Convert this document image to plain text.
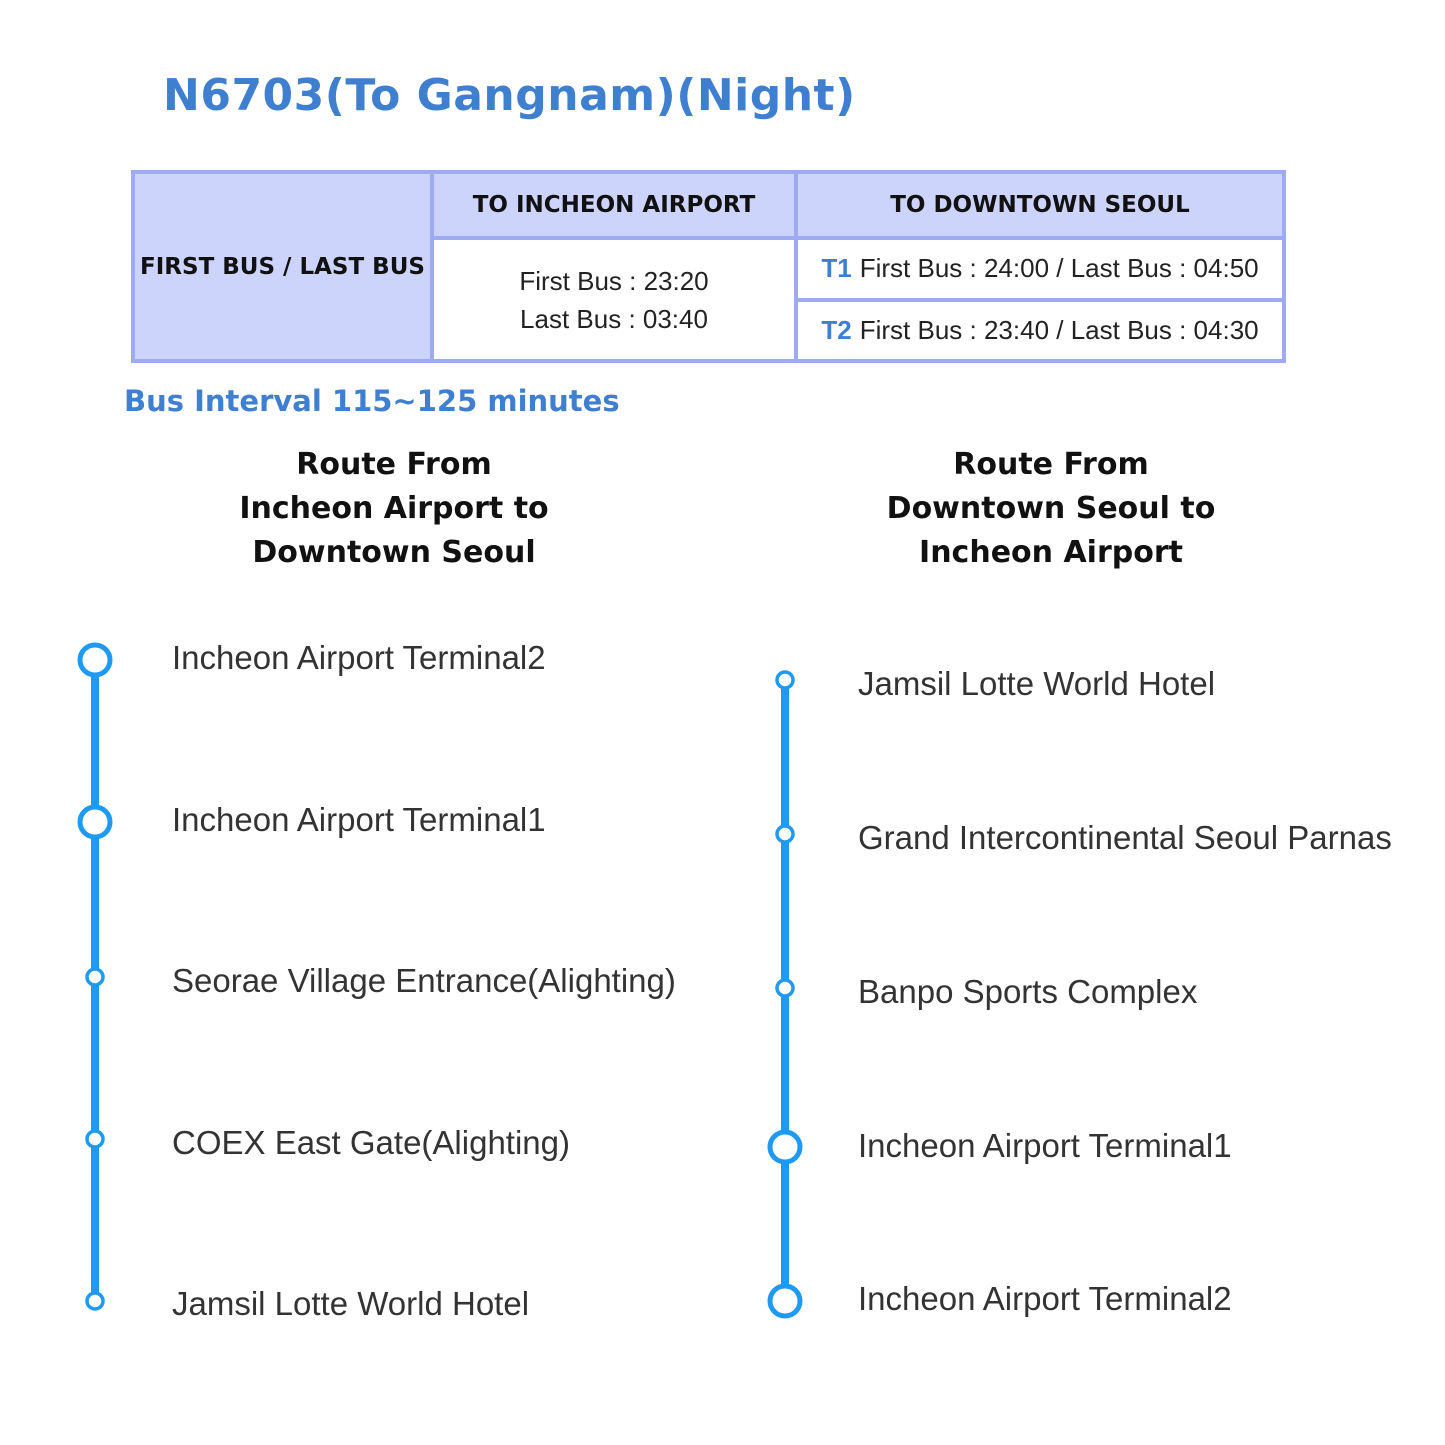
N6703(To Gangnam)(Night)
FIRST BUS / LAST BUS
TO INCHEON AIRPORT	TO DOWNTOWN SEOUL
First Bus : 23:20
Last Bus : 03:40
T1 First Bus : 24:00 / Last Bus : 04:50
T2 First Bus : 23:40 / Last Bus : 04:30
Bus Interval 115~125 minutes
Route From
Incheon Airport to
Downtown Seoul
Route From
Downtown Seoul to
Incheon Airport
Incheon Airport Terminal2
Incheon Airport Terminal1
Seorae Village Entrance(Alighting)
COEX East Gate(Alighting)
Jamsil Lotte World Hotel
Jamsil Lotte World Hotel
Grand Intercontinental Seoul Parnas
Banpo Sports Complex
Incheon Airport Terminal1
Incheon Airport Terminal2
